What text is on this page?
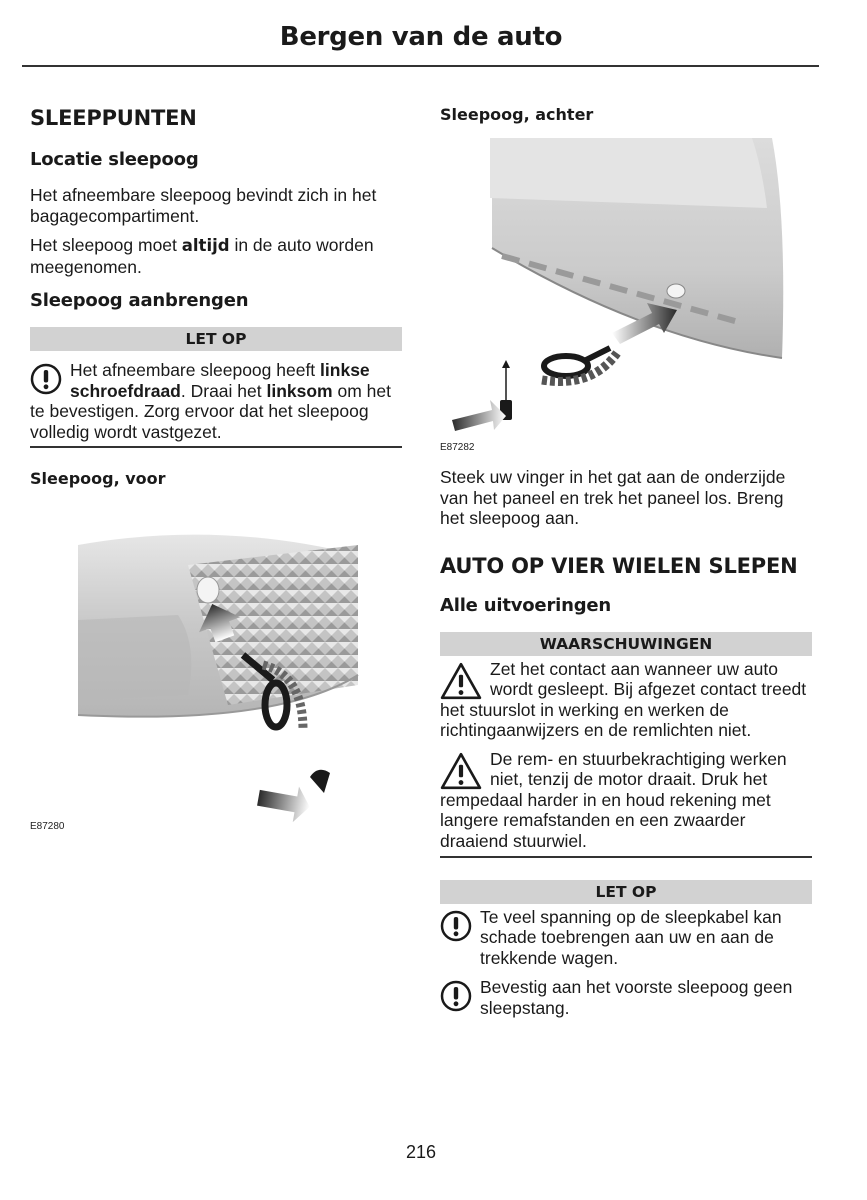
Bergen van de auto
SLEEPPUNTEN
Locatie sleepoog
Het afneembare sleepoog bevindt zich in het bagagecompartiment.
Het sleepoog moet altijd in de auto worden meegenomen.
Sleepoog aanbrengen
LET OP
Het afneembare sleepoog heeft linkse schroefdraad. Draai het linksom om het te bevestigen. Zorg ervoor dat het sleepoog volledig wordt vastgezet.
Sleepoog, voor
E87280
Sleepoog, achter
E87282
Steek uw vinger in het gat aan de onderzijde van het paneel en trek het paneel los. Breng het sleepoog aan.
AUTO OP VIER WIELEN SLEPEN
Alle uitvoeringen
WAARSCHUWINGEN
Zet het contact aan wanneer uw auto wordt gesleept. Bij afgezet contact treedt het stuurslot in werking en werken de richtingaanwijzers en de remlichten niet.
De rem- en stuurbekrachtiging werken niet, tenzij de motor draait. Druk het rempedaal harder in en houd rekening met langere remafstanden en een zwaarder draaiend stuurwiel.
LET OP
Te veel spanning op de sleepkabel kan schade toebrengen aan uw en aan de trekkende wagen.
Bevestig aan het voorste sleepoog geen sleepstang.
216
